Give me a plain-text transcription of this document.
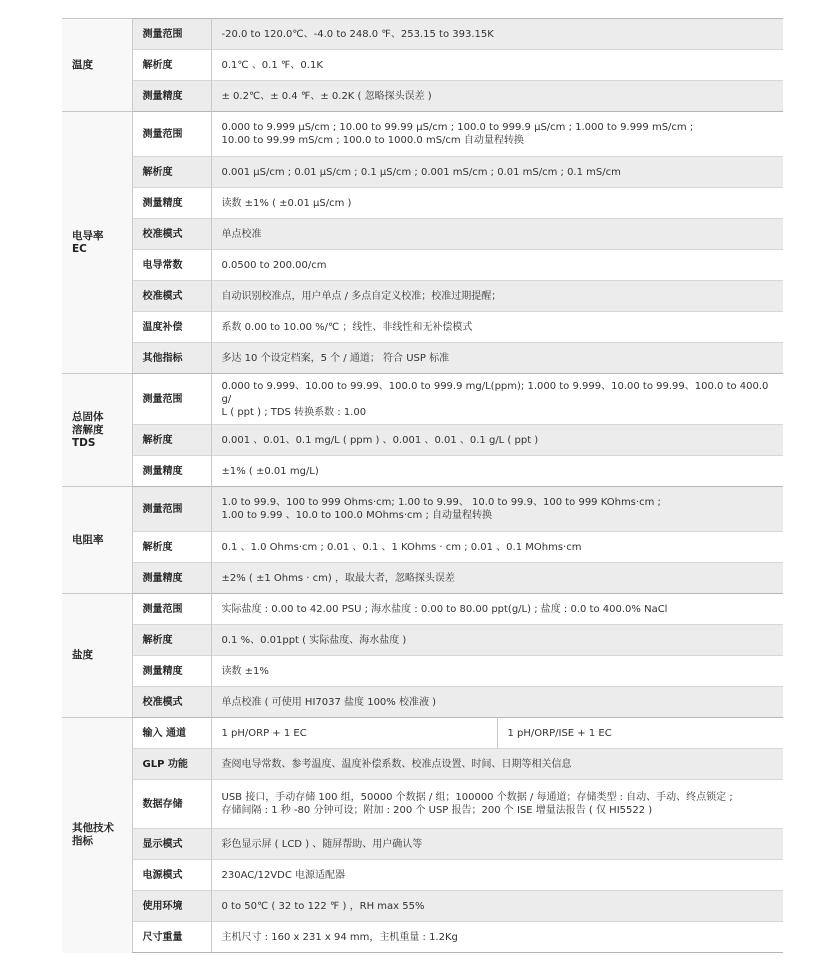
温度	测量范围	-20.0 to 120.0℃、-4.0 to 248.0 ℉、253.15 to 393.15K	
	解析度	0.1℃ 、0.1 ℉、0.1K	
	测量精度	± 0.2℃、± 0.4 ℉、± 0.2K ( 忽略探头误差 )	
电导率
EC	测量范围	0.000 to 9.999 μS/cm ; 10.00 to 99.99 μS/cm ; 100.0 to 999.9 μS/cm ; 1.000 to 9.999 mS/cm ;
10.00 to 99.99 mS/cm ; 100.0 to 1000.0 mS/cm 自动量程转换	
	解析度	0.001 μS/cm ; 0.01 μS/cm ; 0.1 μS/cm ; 0.001 mS/cm ; 0.01 mS/cm ; 0.1 mS/cm	
	测量精度	读数 ±1% ( ±0.01 μS/cm )	
	校准模式	单点校准	
	电导常数	0.0500 to 200.00/cm	
	校准模式	自动识别校准点，用户单点 / 多点自定义校准；校准过期提醒；	
	温度补偿	系数 0.00 to 10.00 %/℃ ；线性、非线性和无补偿模式	
	其他指标	多达 10 个设定档案，5 个 / 通道； 符合 USP 标准	
总固体
溶解度
TDS	测量范围	0.000 to 9.999、10.00 to 99.99、100.0 to 999.9 mg/L(ppm); 1.000 to 9.999、10.00 to 99.99、100.0 to 400.0 g/
L ( ppt ) ; TDS 转换系数 : 1.00	
	解析度	0.001 、0.01、0.1 mg/L ( ppm ) 、0.001 、0.01 、0.1 g/L ( ppt )	
	测量精度	±1% ( ±0.01 mg/L)	
电阻率	测量范围	1.0 to 99.9、100 to 999 Ohms·cm; 1.00 to 9.99、 10.0 to 99.9、100 to 999 KOhms·cm ;
1.00 to 9.99 、10.0 to 100.0 MOhms·cm ; 自动量程转换	
	解析度	0.1 、1.0 Ohms·cm ; 0.01 、0.1 、1 KOhms · cm ; 0.01 、0.1 MOhms·cm	
	测量精度	±2% ( ±1 Ohms · cm) ，取最大者，忽略探头误差	
盐度	测量范围	实际盐度 : 0.00 to 42.00 PSU ; 海水盐度 : 0.00 to 80.00 ppt(g/L) ; 盐度 : 0.0 to 400.0% NaCl	
	解析度	0.1 %、0.01ppt ( 实际盐度、海水盐度 )	
	测量精度	读数 ±1%	
	校准模式	单点校准 ( 可使用 HI7037 盐度 100% 校准液 )	
其他技术
指标	输入 通道	1 pH/ORP + 1 EC	1 pH/ORP/ISE + 1 EC
	GLP 功能	查阅电导常数、参考温度、温度补偿系数、校准点设置、时间、日期等相关信息	
	数据存储	USB 接口，手动存储 100 组，50000 个数据 / 组；100000 个数据 / 每通道；存储类型 : 自动、手动、终点锁定 ;
存储间隔 : 1 秒 -80 分钟可设；附加 : 200 个 USP 报告；200 个 ISE 增量法报告 ( 仅 HI5522 )	
	显示模式	彩色显示屏 ( LCD ) 、随屏帮助、用户确认等	
	电源模式	230AC/12VDC 电源适配器	
	使用环境	0 to 50℃ ( 32 to 122 ℉ ) ，RH max 55%	
	尺寸重量	主机尺寸 : 160 x 231 x 94 mm，主机重量 : 1.2Kg	
